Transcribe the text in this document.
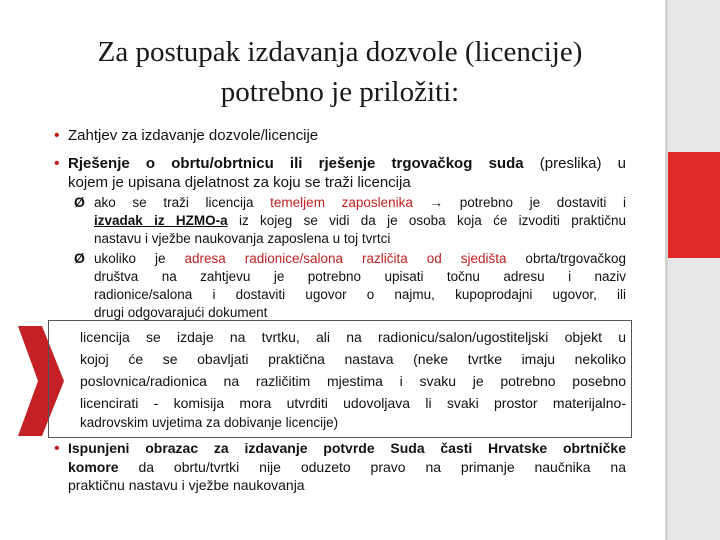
Za postupak izdavanja dozvole (licencije)
potrebno je priložiti:
• Zahtjev za izdavanje dozvole/licencije
• Rješenje o obrtu/obrtnicu ili rješenje trgovačkog suda (preslika) u
kojem je upisana djelatnost za koju se traži licencija
Ø ako se traži licencija temeljem zaposlenika → potrebno je dostaviti i
izvadak iz HZMO-a iz kojeg se vidi da je osoba koja će izvoditi praktičnu
nastavu i vježbe naukovanja zaposlena u toj tvrtci
Ø ukoliko je adresa radionice/salona različita od sjedišta obrta/trgovačkog
društva na zahtjevu je potrebno upisati točnu adresu i naziv
radionice/salona i dostaviti ugovor o najmu, kupoprodajni ugovor, ili
drugi odgovarajući dokument
licencija se izdaje na tvrtku, ali na radionicu/salon/ugostiteljski objekt u
kojoj će se obavljati praktična nastava (neke tvrtke imaju nekoliko
poslovnica/radionica na različitim mjestima i svaku je potrebno posebno
licencirati - komisija mora utvrditi udovoljava li svaki prostor materijalno-
kadrovskim uvjetima za dobivanje licencije)
• Ispunjeni obrazac za izdavanje potvrde Suda časti Hrvatske obrtničke
komore da obrtu/tvrtki nije oduzeto pravo na primanje naučnika na
praktičnu nastavu i vježbe naukovanja
